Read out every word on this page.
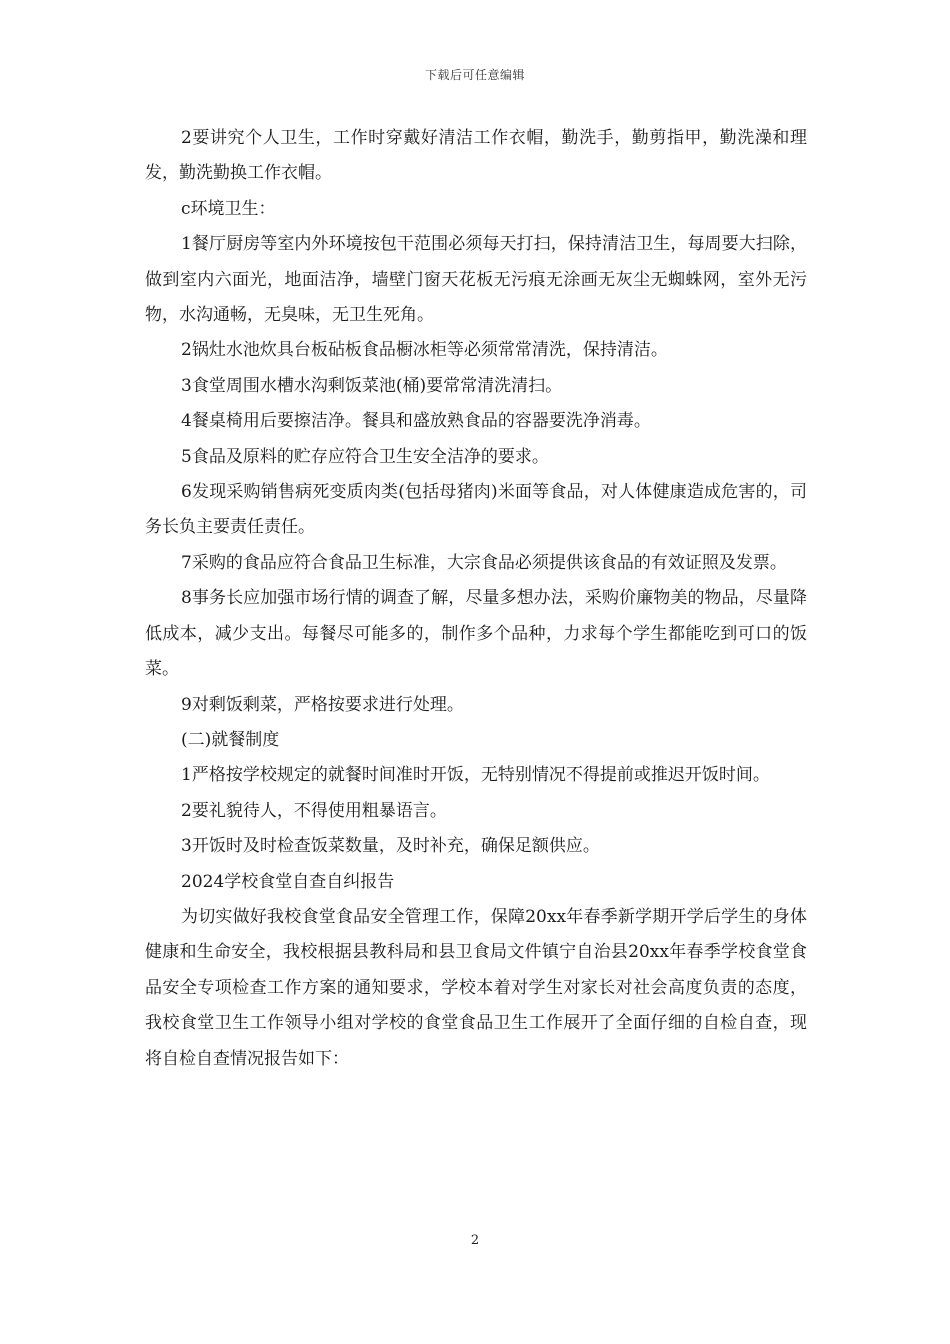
下载后可任意编辑

2要讲究个人卫生，工作时穿戴好清洁工作衣帽，勤洗手，勤剪指甲，勤洗澡和理发，勤洗勤换工作衣帽。

c环境卫生：

1餐厅厨房等室内外环境按包干范围必须每天打扫，保持清洁卫生，每周要大扫除，做到室内六面光，地面洁净，墙壁门窗天花板无污痕无涂画无灰尘无蜘蛛网，室外无污物，水沟通畅，无臭味，无卫生死角。

2锅灶水池炊具台板砧板食品橱冰柜等必须常常清洗，保持清洁。

3食堂周围水槽水沟剩饭菜池(桶)要常常清洗清扫。

4餐桌椅用后要擦洁净。餐具和盛放熟食品的容器要洗净消毒。

5食品及原料的贮存应符合卫生安全洁净的要求。

6发现采购销售病死变质肉类(包括母猪肉)米面等食品，对人体健康造成危害的，司务长负主要责任责任。

7采购的食品应符合食品卫生标准，大宗食品必须提供该食品的有效证照及发票。

8事务长应加强市场行情的调查了解，尽量多想办法，采购价廉物美的物品，尽量降低成本，减少支出。每餐尽可能多的，制作多个品种，力求每个学生都能吃到可口的饭菜。

9对剩饭剩菜，严格按要求进行处理。

(二)就餐制度

1严格按学校规定的就餐时间准时开饭，无特别情况不得提前或推迟开饭时间。

2要礼貌待人，不得使用粗暴语言。

3开饭时及时检查饭菜数量，及时补充，确保足额供应。

2024学校食堂自查自纠报告

为切实做好我校食堂食品安全管理工作，保障20xx年春季新学期开学后学生的身体健康和生命安全，我校根据县教科局和县卫食局文件镇宁自治县20xx年春季学校食堂食品安全专项检查工作方案的通知要求，学校本着对学生对家长对社会高度负责的态度，我校食堂卫生工作领导小组对学校的食堂食品卫生工作展开了全面仔细的自检自查，现将自检自查情况报告如下：

2
